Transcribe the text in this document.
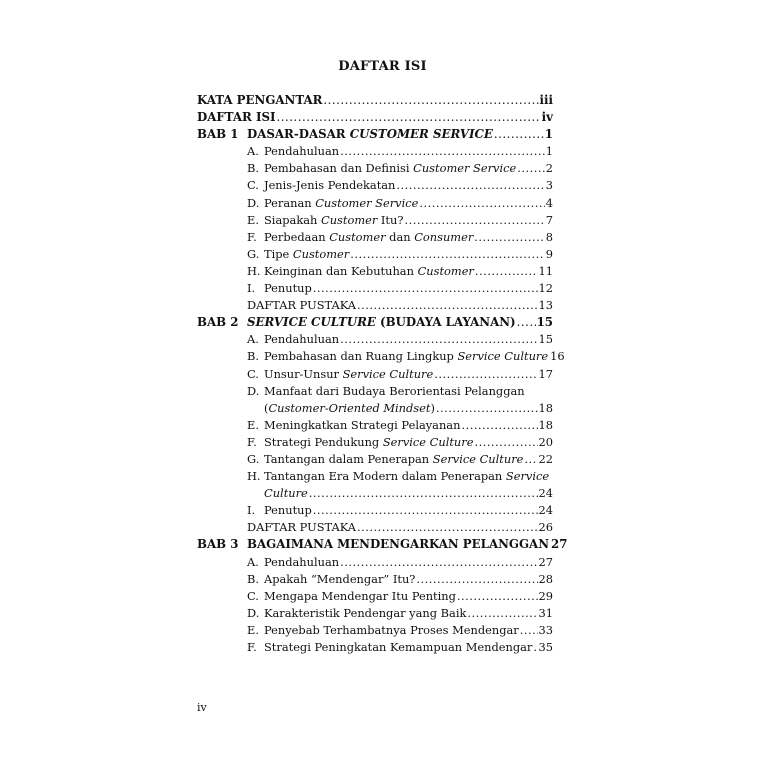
DAFTAR ISI
KATA PENGANTAR .....	iii
DAFTAR ISI .....	iv
BAB 1 DASAR-DASAR CUSTOMER SERVICE .....	1
A. Pendahuluan .....	1
B. Pembahasan dan Definisi Customer Service .....	2
C. Jenis-Jenis Pendekatan .....	3
D. Peranan Customer Service .....	4
E. Siapakah Customer Itu? .....	7
F. Perbedaan Customer dan Consumer .....	8
G. Tipe Customer .....	9
H. Keinginan dan Kebutuhan Customer .....	11
I. Penutup .....	12
DAFTAR PUSTAKA .....	13
BAB 2 SERVICE CULTURE (BUDAYA LAYANAN) ..... 15
A. Pendahuluan .....	15
B. Pembahasan dan Ruang Lingkup Service Culture 16
C. Unsur-Unsur Service Culture .....	17
D. Manfaat dari Budaya Berorientasi Pelanggan
(Customer-Oriented Mindset) .....	18
E. Meningkatkan Strategi Pelayanan .....	18
F. Strategi Pendukung Service Culture .....	20
G. Tantangan dalam Penerapan Service Culture ..... 22
H. Tantangan Era Modern dalam Penerapan Service
Culture .....	24
I. Penutup .....	24
DAFTAR PUSTAKA .....	26
BAB 3 BAGAIMANA MENDENGARKAN PELANGGAN 27
A. Pendahuluan .....	27
B. Apakah “Mendengar” Itu? .....	28
C. Mengapa Mendengar Itu Penting .....	29
D. Karakteristik Pendengar yang Baik .....	31
E. Penyebab Terhambatnya Proses Mendengar ..... 33
F. Strategi Peningkatan Kemampuan Mendengar ..... 35
iv
